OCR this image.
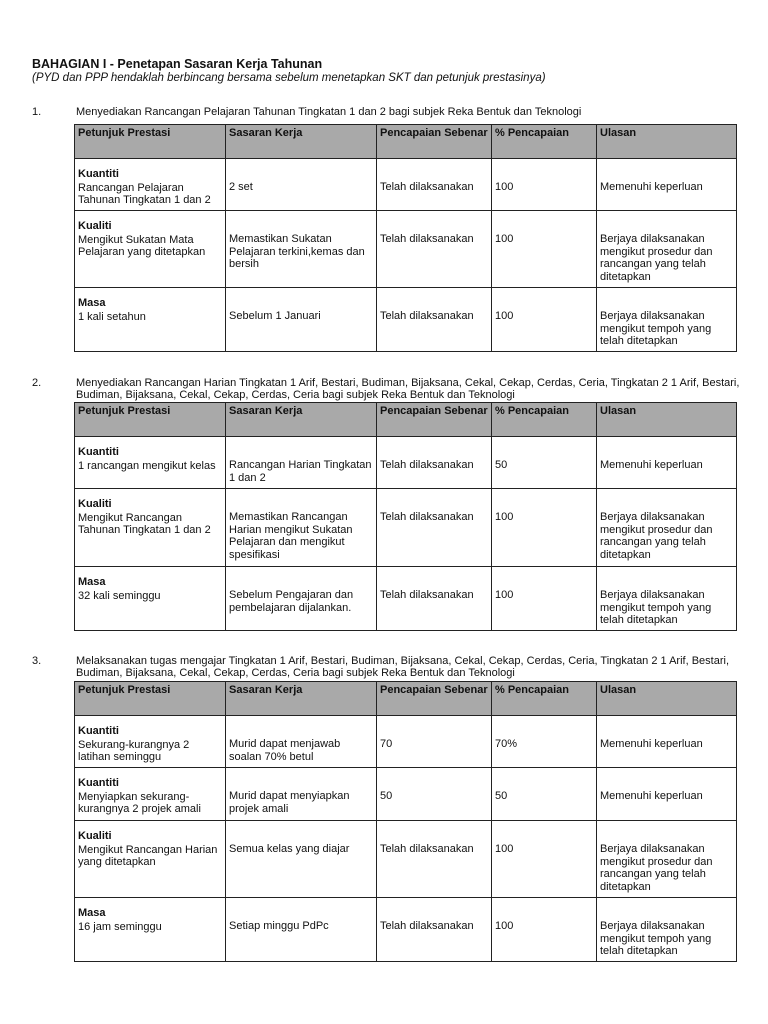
BAHAGIAN I - Penetapan Sasaran Kerja Tahunan
(PYD dan PPP hendaklah berbincang bersama sebelum menetapkan SKT dan petunjuk prestasinya)
1.	Menyediakan Rancangan Pelajaran Tahunan Tingkatan 1 dan 2 bagi subjek Reka Bentuk dan Teknologi
Petunjuk Prestasi	Sasaran Kerja	Pencapaian Sebenar	% Pencapaian	Ulasan

Kuantiti
Rancangan Pelajaran Tahunan Tingkatan 1 dan 2	2 set	Telah dilaksanakan	100	Memenuhi keperluan

Kualiti
Mengikut Sukatan Mata Pelajaran yang ditetapkan	Memastikan Sukatan Pelajaran terkini,kemas dan bersih	Telah dilaksanakan	100	Berjaya dilaksanakan mengikut prosedur dan rancangan yang telah ditetapkan

Masa
1 kali setahun	Sebelum 1 Januari	Telah dilaksanakan	100	Berjaya dilaksanakan mengikut tempoh yang telah ditetapkan
2.	Menyediakan Rancangan Harian Tingkatan 1 Arif, Bestari, Budiman, Bijaksana, Cekal, Cekap, Cerdas, Ceria, Tingkatan 2 1 Arif, Bestari, Budiman, Bijaksana, Cekal, Cekap, Cerdas, Ceria bagi subjek Reka Bentuk dan Teknologi
Petunjuk Prestasi	Sasaran Kerja	Pencapaian Sebenar	% Pencapaian	Ulasan

Kuantiti
1 rancangan mengikut kelas	Rancangan Harian Tingkatan 1 dan 2	Telah dilaksanakan	50	Memenuhi keperluan

Kualiti
Mengikut Rancangan Tahunan Tingkatan 1 dan 2	Memastikan Rancangan Harian mengikut Sukatan Pelajaran dan mengikut spesifikasi	Telah dilaksanakan	100	Berjaya dilaksanakan mengikut prosedur dan rancangan yang telah ditetapkan

Masa
32 kali seminggu	Sebelum Pengajaran dan pembelajaran dijalankan.	Telah dilaksanakan	100	Berjaya dilaksanakan mengikut tempoh yang telah ditetapkan
3.	Melaksanakan tugas mengajar Tingkatan 1 Arif, Bestari, Budiman, Bijaksana, Cekal, Cekap, Cerdas, Ceria, Tingkatan 2 1 Arif, Bestari, Budiman, Bijaksana, Cekal, Cekap, Cerdas, Ceria bagi subjek Reka Bentuk dan Teknologi
Petunjuk Prestasi	Sasaran Kerja	Pencapaian Sebenar	% Pencapaian	Ulasan

Kuantiti
Sekurang-kurangnya 2 latihan seminggu	Murid dapat menjawab soalan 70% betul	70	70%	Memenuhi keperluan

Kuantiti
Menyiapkan sekurang-kurangnya 2 projek amali	Murid dapat menyiapkan projek amali	50	50	Memenuhi keperluan

Kualiti
Mengikut Rancangan Harian yang ditetapkan	Semua kelas yang diajar	Telah dilaksanakan	100	Berjaya dilaksanakan mengikut prosedur dan rancangan yang telah ditetapkan

Masa
16 jam seminggu	Setiap minggu PdPc	Telah dilaksanakan	100	Berjaya dilaksanakan mengikut tempoh yang telah ditetapkan
